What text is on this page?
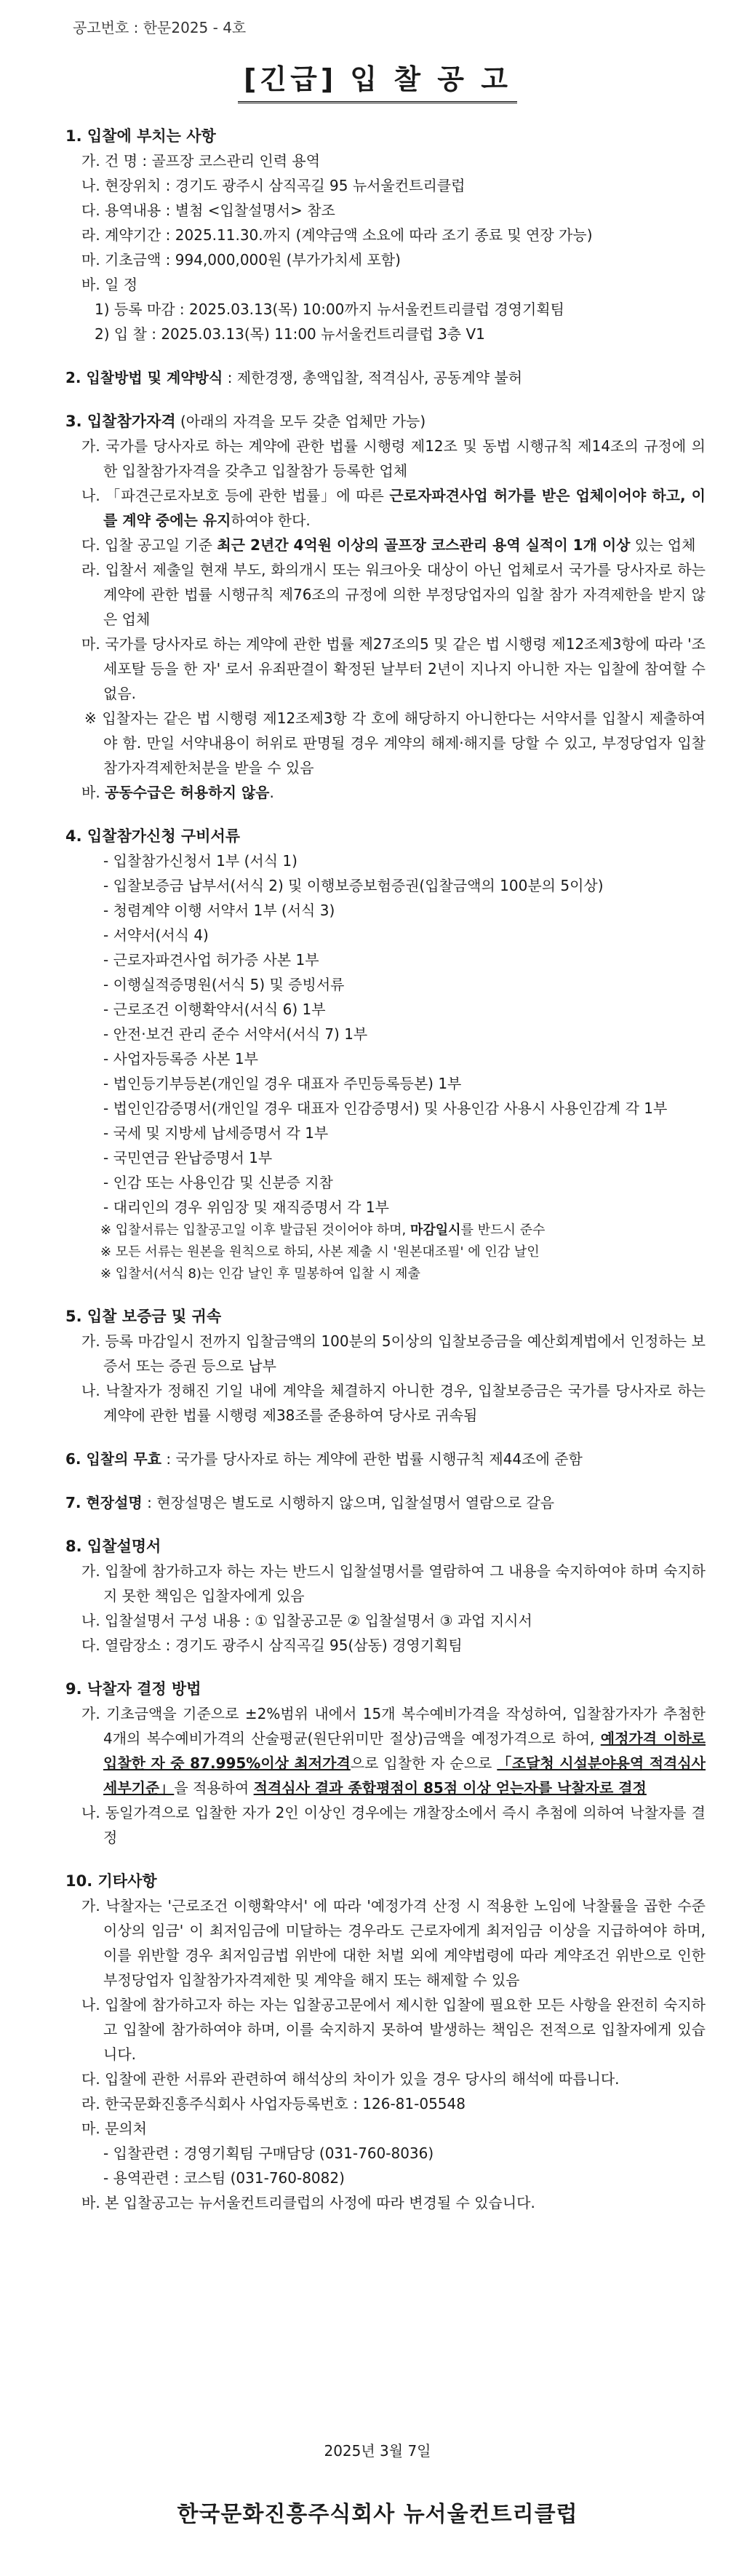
공고번호 : 한문2025 - 4호
[긴급] 입 찰 공 고
1. 입찰에 부치는 사항
가. 건 명 : 골프장 코스관리 인력 용역
나. 현장위치 : 경기도 광주시 삼직곡길 95 뉴서울컨트리클럽
다. 용역내용 : 별첨 <입찰설명서> 참조
라. 계약기간 : 2025.11.30.까지 (계약금액 소요에 따라 조기 종료 및 연장 가능)
마. 기초금액 : 994,000,000원 (부가가치세 포함)
바. 일 정
1) 등록 마감 : 2025.03.13(목) 10:00까지 뉴서울컨트리클럽 경영기획팀
2) 입 찰 : 2025.03.13(목) 11:00 뉴서울컨트리클럽 3층 V1
2. 입찰방법 및 계약방식 : 제한경쟁, 총액입찰, 적격심사, 공동계약 불허
3. 입찰참가자격 (아래의 자격을 모두 갖춘 업체만 가능)
가. 국가를 당사자로 하는 계약에 관한 법률 시행령 제12조 및 동법 시행규칙 제14조의 규정에 의한 입찰참가자격을 갖추고 입찰참가 등록한 업체
나. 「파견근로자보호 등에 관한 법률」에 따른 근로자파견사업 허가를 받은 업체이어야 하고, 이를 계약 중에는 유지하여야 한다.
다. 입찰 공고일 기준 최근 2년간 4억원 이상의 골프장 코스관리 용역 실적이 1개 이상 있는 업체
라. 입찰서 제출일 현재 부도, 화의개시 또는 워크아웃 대상이 아닌 업체로서 국가를 당사자로 하는 계약에 관한 법률 시행규칙 제76조의 규정에 의한 부정당업자의 입찰 참가 자격제한을 받지 않은 업체
마. 국가를 당사자로 하는 계약에 관한 법률 제27조의5 및 같은 법 시행령 제12조제3항에 따라 '조세포탈 등을 한 자' 로서 유죄판결이 확정된 날부터 2년이 지나지 아니한 자는 입찰에 참여할 수 없음.
※ 입찰자는 같은 법 시행령 제12조제3항 각 호에 해당하지 아니한다는 서약서를 입찰시 제출하여야 함. 만일 서약내용이 허위로 판명될 경우 계약의 해제·해지를 당할 수 있고, 부정당업자 입찰참가자격제한처분을 받을 수 있음
바. 공동수급은 허용하지 않음.
4. 입찰참가신청 구비서류
- 입찰참가신청서 1부 (서식 1)
- 입찰보증금 납부서(서식 2) 및 이행보증보험증권(입찰금액의 100분의 5이상)
- 청렴계약 이행 서약서 1부 (서식 3)
- 서약서(서식 4)
- 근로자파견사업 허가증 사본 1부
- 이행실적증명원(서식 5) 및 증빙서류
- 근로조건 이행확약서(서식 6) 1부
- 안전·보건 관리 준수 서약서(서식 7) 1부
- 사업자등록증 사본 1부
- 법인등기부등본(개인일 경우 대표자 주민등록등본) 1부
- 법인인감증명서(개인일 경우 대표자 인감증명서) 및 사용인감 사용시 사용인감계 각 1부
- 국세 및 지방세 납세증명서 각 1부
- 국민연금 완납증명서 1부
- 인감 또는 사용인감 및 신분증 지참
- 대리인의 경우 위임장 및 재직증명서 각 1부
※ 입찰서류는 입찰공고일 이후 발급된 것이어야 하며, 마감일시를 반드시 준수
※ 모든 서류는 원본을 원칙으로 하되, 사본 제출 시 '원본대조필' 에 인감 날인
※ 입찰서(서식 8)는 인감 날인 후 밀봉하여 입찰 시 제출
5. 입찰 보증금 및 귀속
가. 등록 마감일시 전까지 입찰금액의 100분의 5이상의 입찰보증금을 예산회계법에서 인정하는 보증서 또는 증권 등으로 납부
나. 낙찰자가 정해진 기일 내에 계약을 체결하지 아니한 경우, 입찰보증금은 국가를 당사자로 하는 계약에 관한 법률 시행령 제38조를 준용하여 당사로 귀속됨
6. 입찰의 무효 : 국가를 당사자로 하는 계약에 관한 법률 시행규칙 제44조에 준함
7. 현장설명 : 현장설명은 별도로 시행하지 않으며, 입찰설명서 열람으로 갈음
8. 입찰설명서
가. 입찰에 참가하고자 하는 자는 반드시 입찰설명서를 열람하여 그 내용을 숙지하여야 하며 숙지하지 못한 책임은 입찰자에게 있음
나. 입찰설명서 구성 내용 : ① 입찰공고문 ② 입찰설명서 ③ 과업 지시서
다. 열람장소 : 경기도 광주시 삼직곡길 95(삼동) 경영기획팀
9. 낙찰자 결정 방법
가. 기초금액을 기준으로 ±2%범위 내에서 15개 복수예비가격을 작성하여, 입찰참가자가 추첨한 4개의 복수예비가격의 산술평균(원단위미만 절상)금액을 예정가격으로 하여, 예정가격 이하로 입찰한 자 중 87.995%이상 최저가격으로 입찰한 자 순으로 「조달청 시설분야용역 적격심사세부기준」을 적용하여 적격심사 결과 종합평점이 85점 이상 얻는자를 낙찰자로 결정
나. 동일가격으로 입찰한 자가 2인 이상인 경우에는 개찰장소에서 즉시 추첨에 의하여 낙찰자를 결정
10. 기타사항
가. 낙찰자는 '근로조건 이행확약서' 에 따라 '예정가격 산정 시 적용한 노임에 낙찰률을 곱한 수준 이상의 임금' 이 최저임금에 미달하는 경우라도 근로자에게 최저임금 이상을 지급하여야 하며, 이를 위반할 경우 최저임금법 위반에 대한 처벌 외에 계약법령에 따라 계약조건 위반으로 인한 부정당업자 입찰참가자격제한 및 계약을 해지 또는 해제할 수 있음
나. 입찰에 참가하고자 하는 자는 입찰공고문에서 제시한 입찰에 필요한 모든 사항을 완전히 숙지하고 입찰에 참가하여야 하며, 이를 숙지하지 못하여 발생하는 책임은 전적으로 입찰자에게 있습니다.
다. 입찰에 관한 서류와 관련하여 해석상의 차이가 있을 경우 당사의 해석에 따릅니다.
라. 한국문화진흥주식회사 사업자등록번호 : 126-81-05548
마. 문의처
- 입찰관련 : 경영기획팀 구매담당 (031-760-8036)
- 용역관련 : 코스팀 (031-760-8082)
바. 본 입찰공고는 뉴서울컨트리클럽의 사정에 따라 변경될 수 있습니다.
2025년 3월 7일
한국문화진흥주식회사 뉴서울컨트리클럽
